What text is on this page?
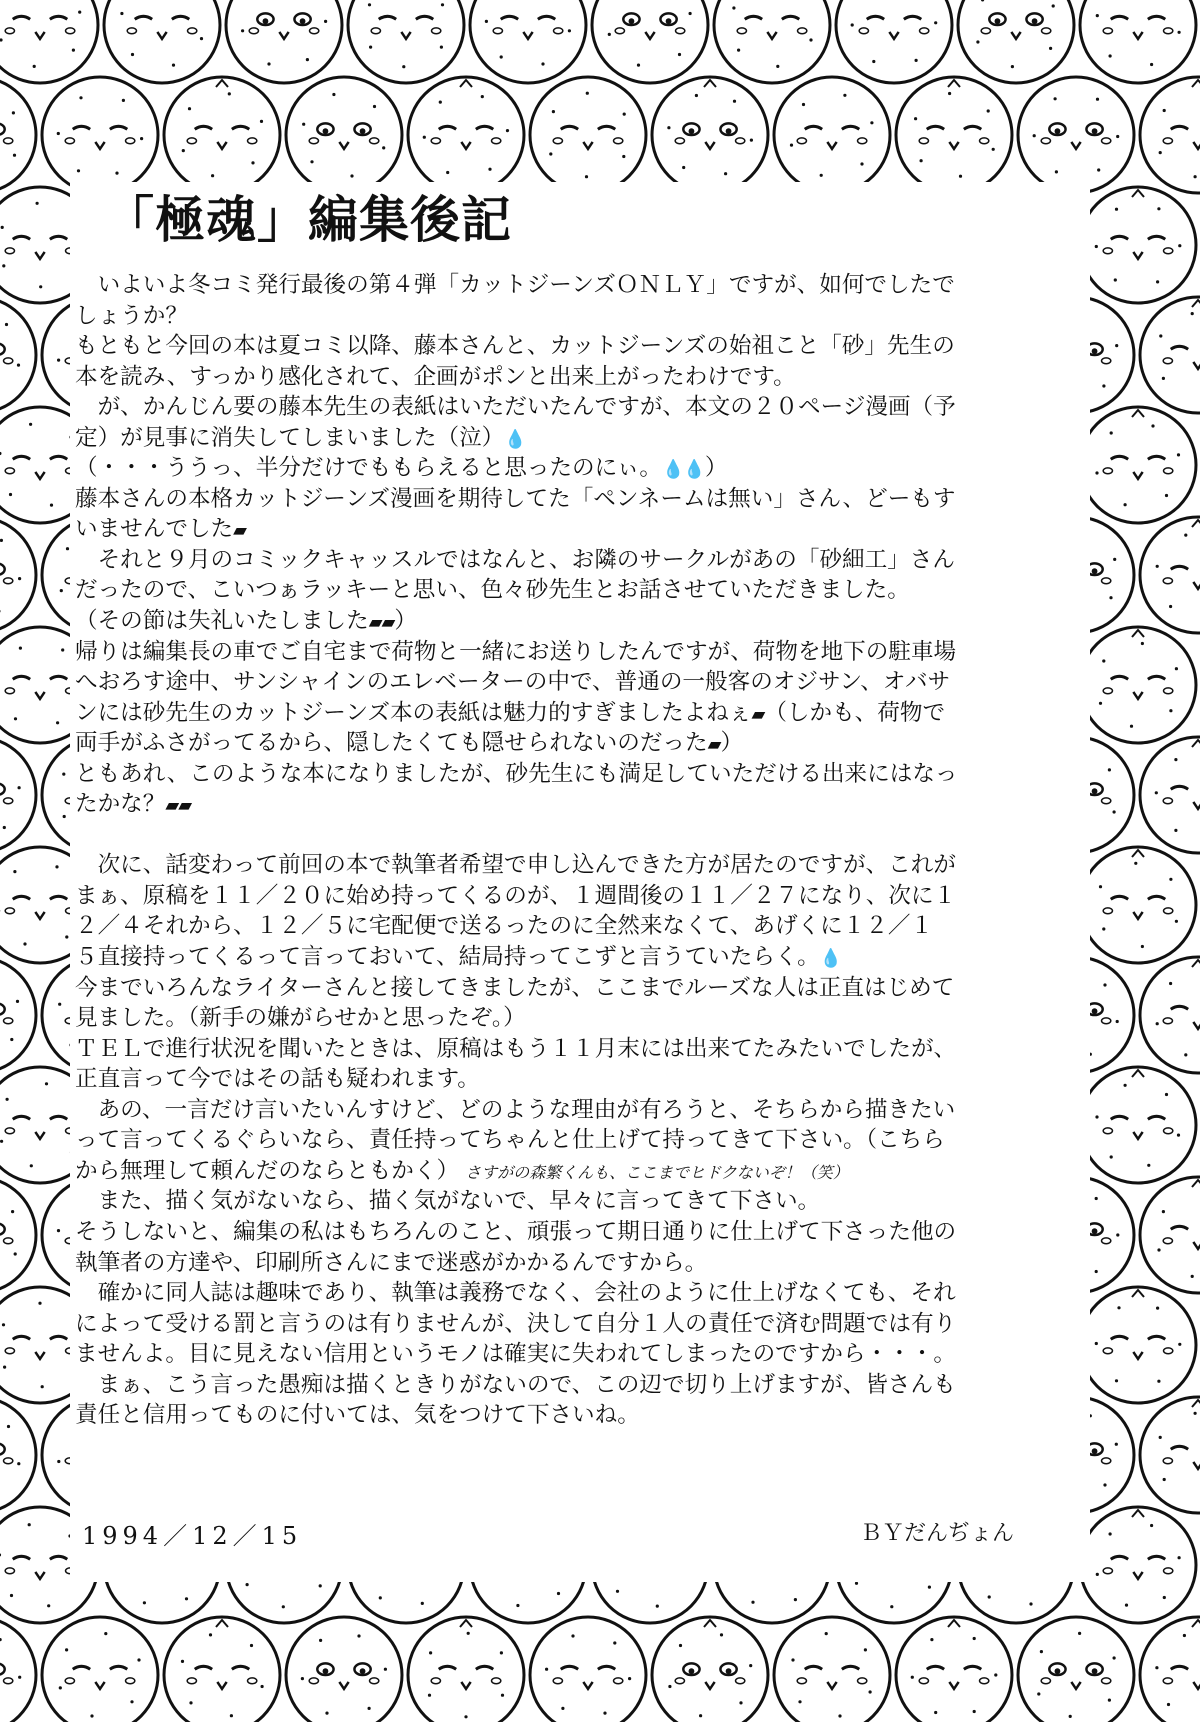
「極魂」編集後記
　いよいよ冬コミ発行最後の第４弾「カットジーンズＯＮＬＹ」ですが、如何でしたで
しょうか？
もともと今回の本は夏コミ以降、藤本さんと、カットジーンズの始祖こと「砂」先生の
本を読み、すっかり感化されて、企画がポンと出来上がったわけです。
　が、かんじん要の藤本先生の表紙はいただいたんですが、本文の２０ページ漫画（予
定）が見事に消失してしまいました（泣）💧
（・・・ううっ、半分だけでももらえると思ったのにぃ。💧💧）
藤本さんの本格カットジーンズ漫画を期待してた「ペンネームは無い」さん、どーもす
いませんでした▰
　それと９月のコミックキャッスルではなんと、お隣のサークルがあの「砂細工」さん
だったので、こいつぁラッキーと思い、色々砂先生とお話させていただきました。
（その節は失礼いたしました▰▰）
帰りは編集長の車でご自宅まで荷物と一緒にお送りしたんですが、荷物を地下の駐車場
へおろす途中、サンシャインのエレベーターの中で、普通の一般客のオジサン、オバサ
ンには砂先生のカットジーンズ本の表紙は魅力的すぎましたよねぇ▰（しかも、荷物で
両手がふさがってるから、隠したくても隠せられないのだった▰）
ともあれ、このような本になりましたが、砂先生にも満足していただける出来にはなっ
たかな？▰▰
　次に、話変わって前回の本で執筆者希望で申し込んできた方が居たのですが、これが
まぁ、原稿を１１／２０に始め持ってくるのが、１週間後の１１／２７になり、次に１
２／４それから、１２／５に宅配便で送るったのに全然来なくて、あげくに１２／１
５直接持ってくるって言っておいて、結局持ってこずと言うていたらく。💧
今までいろんなライターさんと接してきましたが、ここまでルーズな人は正直はじめて
見ました。（新手の嫌がらせかと思ったぞ。）
ＴＥＬで進行状況を聞いたときは、原稿はもう１１月末には出来てたみたいでしたが、
正直言って今ではその話も疑われます。
　あの、一言だけ言いたいんすけど、どのような理由が有ろうと、そちらから描きたい
って言ってくるぐらいなら、責任持ってちゃんと仕上げて持ってきて下さい。（こちら
から無理して頼んだのならともかく） さすがの森繁くんも、ここまでヒドクないぞ！（笑）
　また、描く気がないなら、描く気がないで、早々に言ってきて下さい。
そうしないと、編集の私はもちろんのこと、頑張って期日通りに仕上げて下さった他の
執筆者の方達や、印刷所さんにまで迷惑がかかるんですから。
　確かに同人誌は趣味であり、執筆は義務でなく、会社のように仕上げなくても、それ
によって受ける罰と言うのは有りませんが、決して自分１人の責任で済む問題では有り
ませんよ。目に見えない信用というモノは確実に失われてしまったのですから・・・。
　まぁ、こう言った愚痴は描くときりがないので、この辺で切り上げますが、皆さんも
責任と信用ってものに付いては、気をつけて下さいね。
1994／12／15	ＢＹだんぢょん
